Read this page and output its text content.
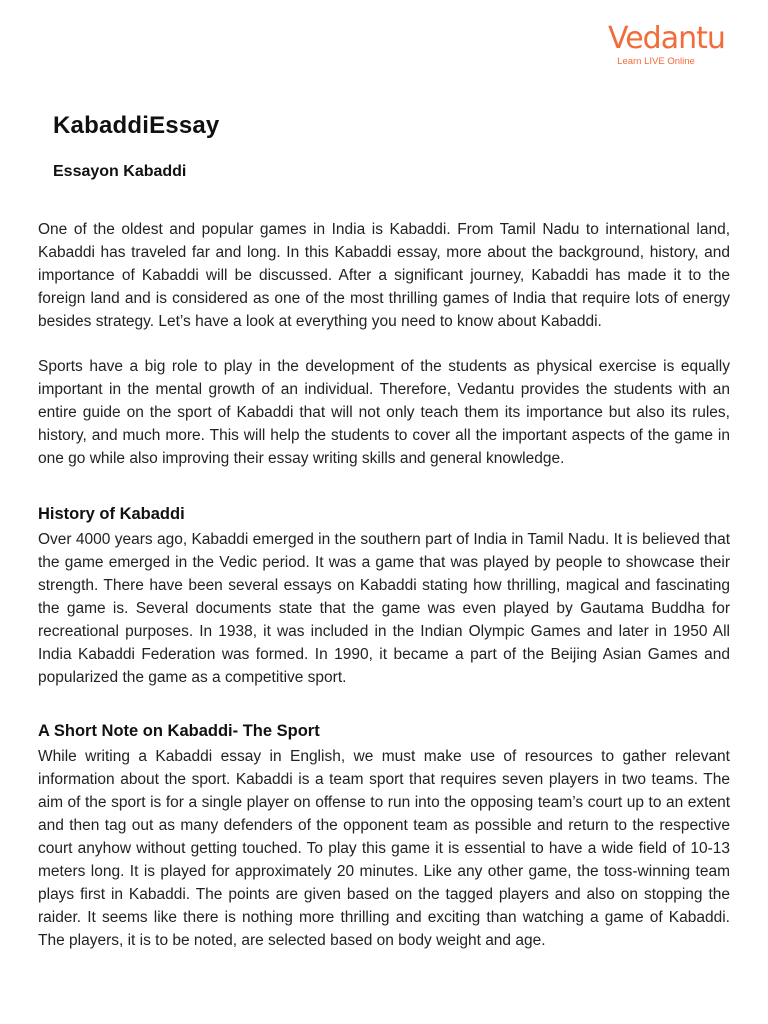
Vedantu
Learn LIVE Online
KabaddiEssay
Essayon Kabaddi

One of the oldest and popular games in India is Kabaddi. From Tamil Nadu to international land, Kabaddi has traveled far and long. In this Kabaddi essay, more about the background, history, and importance of Kabaddi will be discussed. After a significant journey, Kabaddi has made it to the foreign land and is considered as one of the most thrilling games of India that require lots of energy besides strategy. Let’s have a look at everything you need to know about Kabaddi.

Sports have a big role to play in the development of the students as physical exercise is equally important in the mental growth of an individual. Therefore, Vedantu provides the students with an entire guide on the sport of Kabaddi that will not only teach them its importance but also its rules, history, and much more. This will help the students to cover all the important aspects of the game in one go while also improving their essay writing skills and general knowledge.

History of Kabaddi

Over 4000 years ago, Kabaddi emerged in the southern part of India in Tamil Nadu. It is believed that the game emerged in the Vedic period. It was a game that was played by people to showcase their strength. There have been several essays on Kabaddi stating how thrilling, magical and fascinating the game is. Several documents state that the game was even played by Gautama Buddha for recreational purposes. In 1938, it was included in the Indian Olympic Games and later in 1950 All India Kabaddi Federation was formed. In 1990, it became a part of the Beijing Asian Games and popularized the game as a competitive sport.

A Short Note on Kabaddi- The Sport

While writing a Kabaddi essay in English, we must make use of resources to gather relevant information about the sport. Kabaddi is a team sport that requires seven players in two teams. The aim of the sport is for a single player on offense to run into the opposing team’s court up to an extent and then tag out as many defenders of the opponent team as possible and return to the respective court anyhow without getting touched. To play this game it is essential to have a wide field of 10-13 meters long. It is played for approximately 20 minutes. Like any other game, the toss-winning team plays first in Kabaddi. The points are given based on the tagged players and also on stopping the raider. It seems like there is nothing more thrilling and exciting than watching a game of Kabaddi. The players, it is to be noted, are selected based on body weight and age.
